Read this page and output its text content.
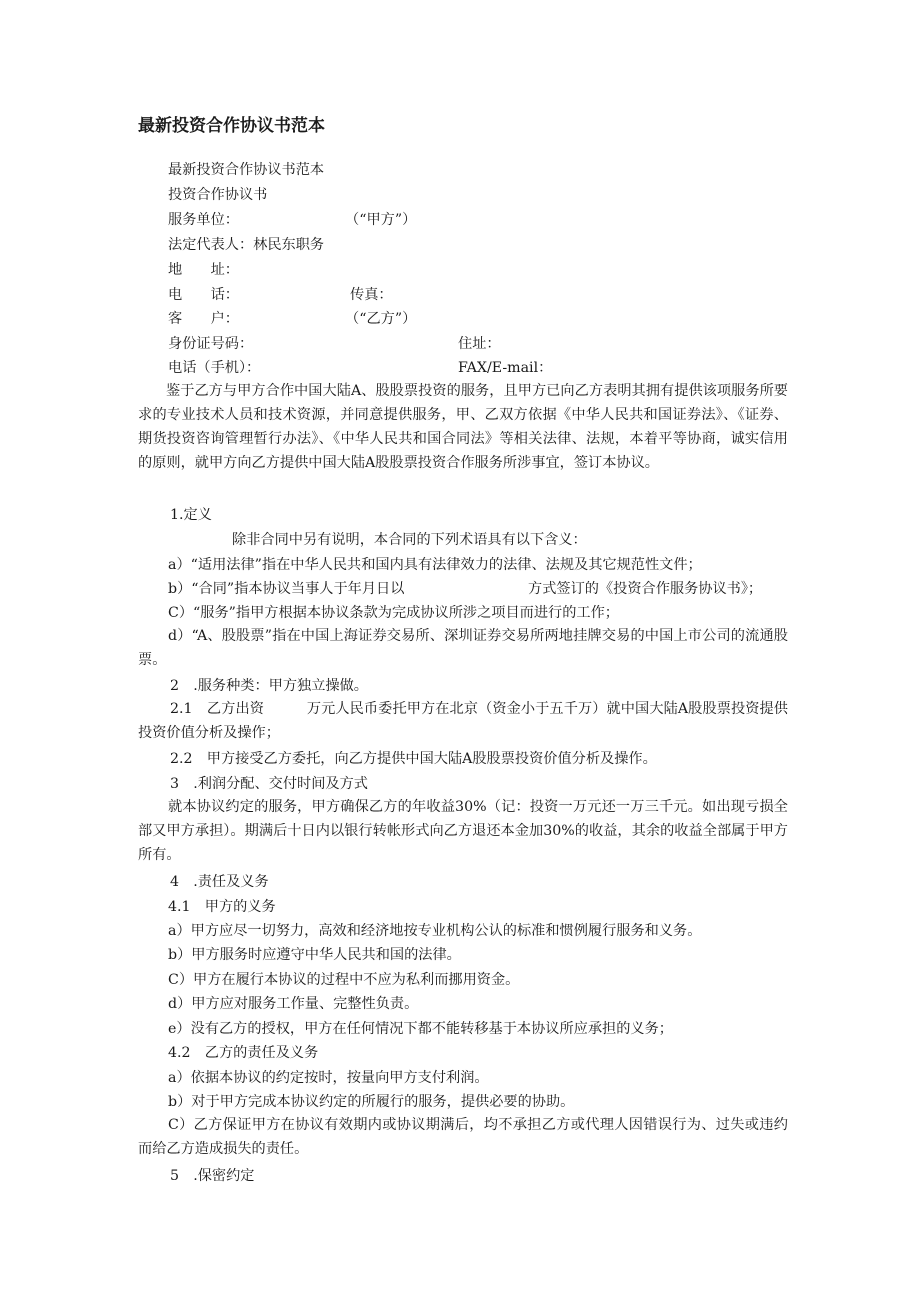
最新投资合作协议书范本
最新投资合作协议书范本
投资合作协议书
服务单位：	（“甲方”）
法定代表人：林民东职务
地　　址：
电　　话：	传真：
客　　户：	（“乙方”）
身份证号码：	住址：
电话（手机）：	FAX/E-mail：
鉴于乙方与甲方合作中国大陆A、股股票投资的服务，且甲方已向乙方表明其拥有提供该项服务所要求的专业技术人员和技术资源，并同意提供服务，甲、乙双方依据《中华人民共和国证券法》、《证券、期货投资咨询管理暂行办法》、《中华人民共和国合同法》等相关法律、法规，本着平等协商，诚实信用的原则，就甲方向乙方提供中国大陆A股股票投资合作服务所涉事宜，签订本协议。
1.定义
除非合同中另有说明，本合同的下列术语具有以下含义：
a）“适用法律”指在中华人民共和国内具有法律效力的法律、法规及其它规范性文件；
b）“合同”指本协议当事人于年月日以	方式签订的《投资合作服务协议书》；
C）“服务”指甲方根据本协议条款为完成协议所涉之项目而进行的工作；
d）“A、股股票”指在中国上海证券交易所、深圳证券交易所两地挂牌交易的中国上市公司的流通股票。
2　.服务种类：甲方独立操做。
2.1　乙方出资　　　万元人民币委托甲方在北京（资金小于五千万）就中国大陆A股股票投资提供投资价值分析及操作；
2.2　甲方接受乙方委托，向乙方提供中国大陆A股股票投资价值分析及操作。
3　.利润分配、交付时间及方式
就本协议约定的服务，甲方确保乙方的年收益30%（记：投资一万元还一万三千元。如出现亏损全部又甲方承担）。期满后十日内以银行转帐形式向乙方退还本金加30%的收益，其余的收益全部属于甲方所有。
4　.责任及义务
4.1　甲方的义务
a）甲方应尽一切努力，高效和经济地按专业机构公认的标准和惯例履行服务和义务。
b）甲方服务时应遵守中华人民共和国的法律。
C）甲方在履行本协议的过程中不应为私利而挪用资金。
d）甲方应对服务工作量、完整性负责。
e）没有乙方的授权，甲方在任何情况下都不能转移基于本协议所应承担的义务；
4.2　乙方的责任及义务
a）依据本协议的约定按时，按量向甲方支付利润。
b）对于甲方完成本协议约定的所履行的服务，提供必要的协助。
C）乙方保证甲方在协议有效期内或协议期满后，均不承担乙方或代理人因错误行为、过失或违约而给乙方造成损失的责任。
5　.保密约定
